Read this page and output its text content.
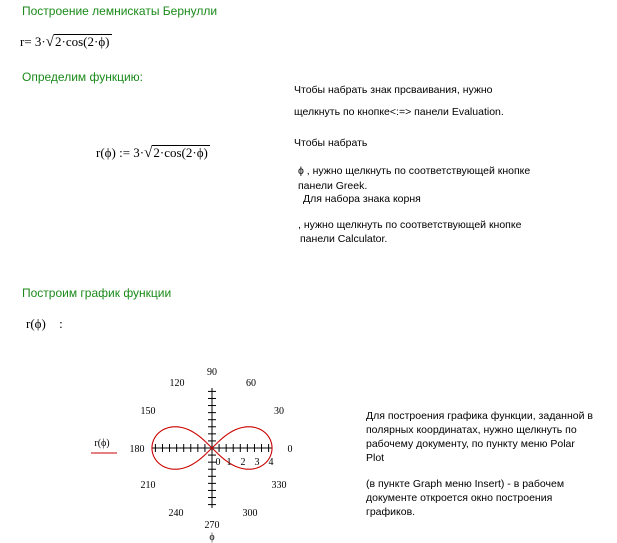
Построение лемнискаты Бернулли
Определим функцию:
Построим график функции
r= 3·√2·cos(2·ϕ)
r(ϕ) := 3·√2·cos(2·ϕ)
r(ϕ) :
Чтобы набрать знак прсваивания, нужно
щелкнуть по кнопке<:=> панели Evaluation.
Чтобы набрать
ϕ , нужно щелкнуть по соответствующей кнопке
панели Greek.
Для набора знака корня
, нужно щелкнуть по соответствующей кнопке
панели Calculator.
Для построения графика функции, заданной в
полярных координатах, нужно щелкнуть по
рабочему документу, по пункту меню Polar
Plot
(в пункте Graph меню Insert) - в рабочем
документе откроется окно построения
графиков.
90
60
30
0
330
300
270
240
210
180
150
120
0 1 2 3 4
r(ϕ)
ϕ
